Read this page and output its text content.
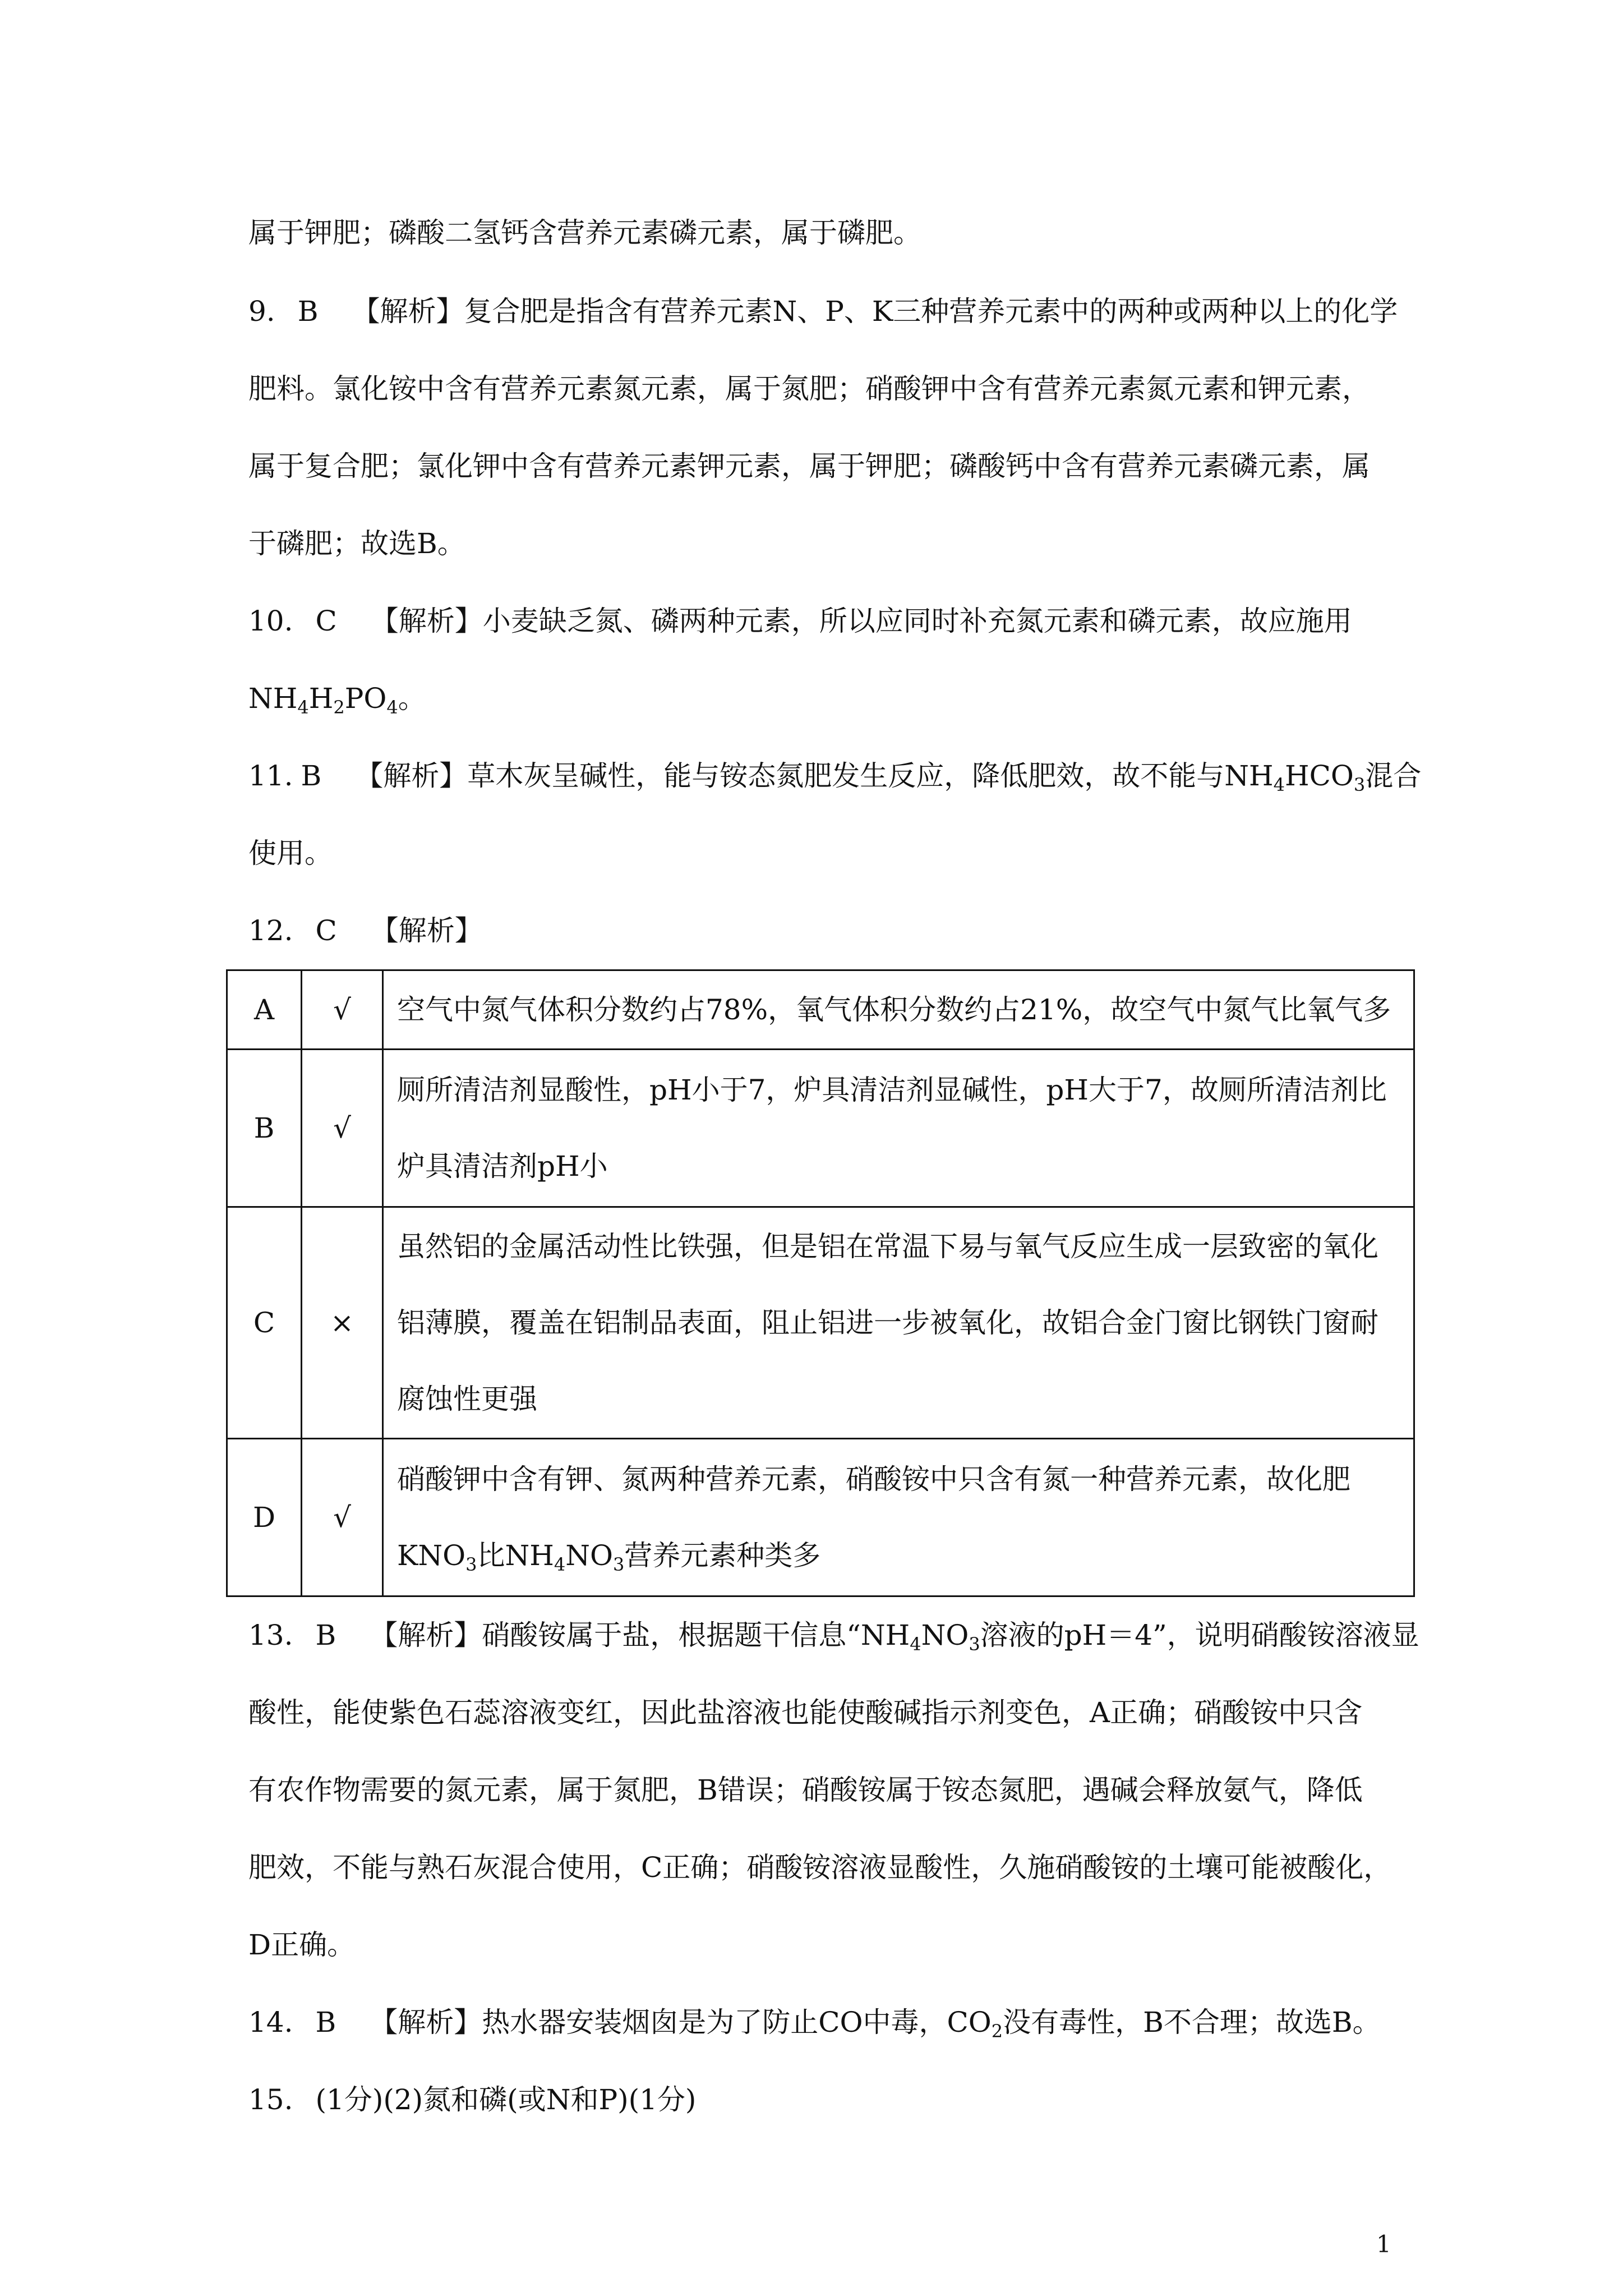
属于钾肥；磷酸二氢钙含营养元素磷元素，属于磷肥。
9. B 【解析】复合肥是指含有营养元素N、P、K三种营养元素中的两种或两种以上的化学
肥料。氯化铵中含有营养元素氮元素，属于氮肥；硝酸钾中含有营养元素氮元素和钾元素，
属于复合肥；氯化钾中含有营养元素钾元素，属于钾肥；磷酸钙中含有营养元素磷元素，属
于磷肥；故选B。
10. C 【解析】小麦缺乏氮、磷两种元素，所以应同时补充氮元素和磷元素，故应施用
$NH_4H_2PO_4$。
11. B 【解析】草木灰呈碱性，能与铵态氮肥发生反应，降低肥效，故不能与$NH_4HCO_3$混合
使用。
12. C 【解析】
A	√	空气中氮气体积分数约占78%，氧气体积分数约占21%，故空气中氮气比氧气多
B	√	厕所清洁剂显酸性，pH小于7，炉具清洁剂显碱性，pH大于7，故厕所清洁剂比
炉具清洁剂pH小

C	×	虽然铝的金属活动性比铁强，但是铝在常温下易与氧气反应生成一层致密的氧化
铝薄膜，覆盖在铝制品表面，阻止铝进一步被氧化，故铝合金门窗比钢铁门窗耐
腐蚀性更强

D	√	硝酸钾中含有钾、氮两种营养元素，硝酸铵中只含有氮一种营养元素，故化肥
$KNO_3$比$NH_4NO_3$营养元素种类多
13. B 【解析】硝酸铵属于盐，根据题干信息“$NH_4NO_3$溶液的pH＝4”，说明硝酸铵溶液显
酸性，能使紫色石蕊溶液变红，因此盐溶液也能使酸碱指示剂变色，A正确；硝酸铵中只含
有农作物需要的氮元素，属于氮肥，B错误；硝酸铵属于铵态氮肥，遇碱会释放氨气，降低
肥效，不能与熟石灰混合使用，C正确；硝酸铵溶液显酸性，久施硝酸铵的土壤可能被酸化，
D正确。
14. B 【解析】热水器安装烟囱是为了防止CO中毒，$CO_2$没有毒性，B不合理；故选B。
15. (1分)(2)氮和磷(或N和P)(1分)
1
